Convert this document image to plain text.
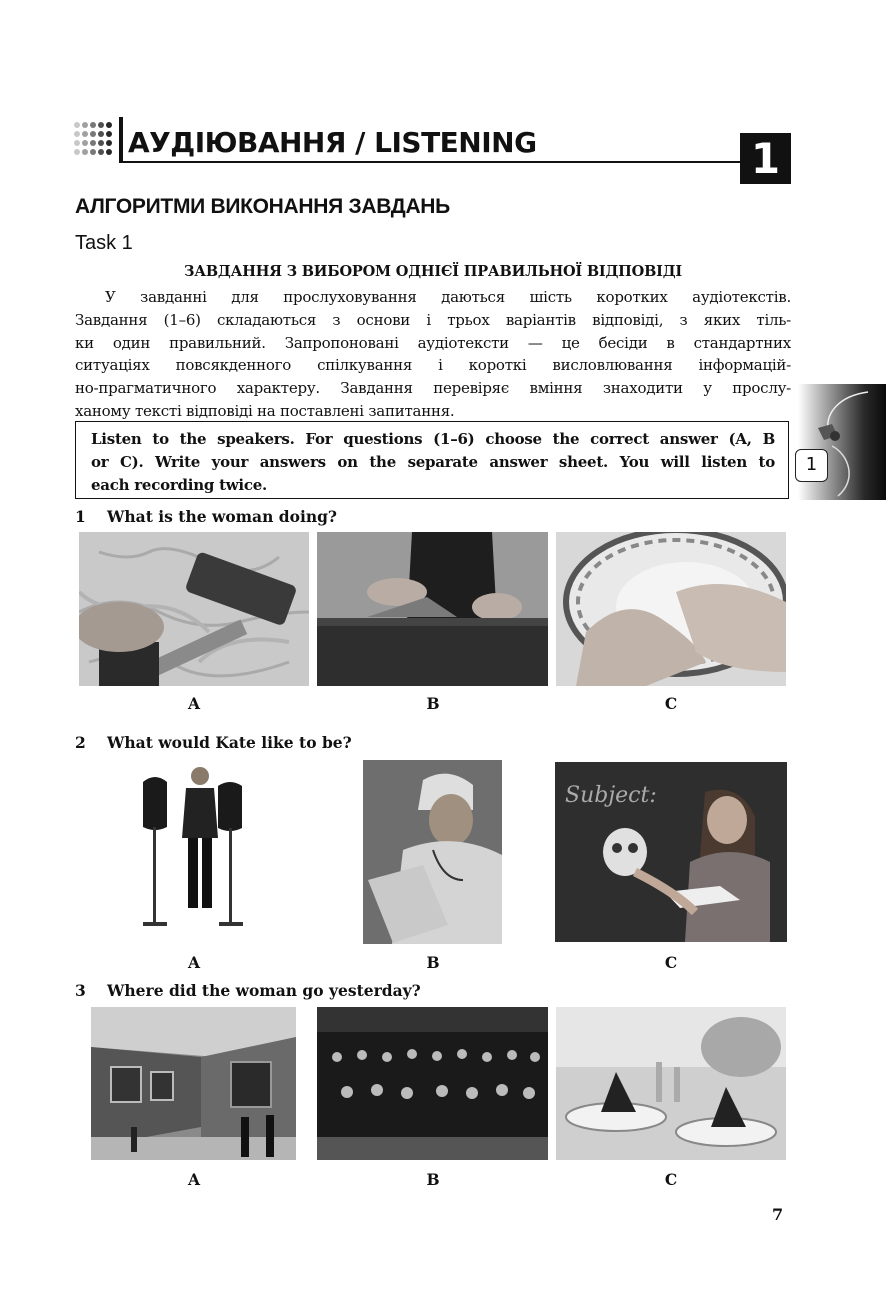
АУДІЮВАННЯ / LISTENING	1
АЛГОРИТМИ ВИКОНАННЯ ЗАВДАНЬ
Task 1
ЗАВДАННЯ З ВИБОРОМ ОДНІЄЇ ПРАВИЛЬНОЇ ВІДПОВІДІ
У завданні для прослуховування даються шість коротких аудіотекстів.
Завдання (1–6) складаються з основи і трьох варіантів відповіді, з яких тіль-
ки один правильний. Запропоновані аудіотексти — це бесіди в стандартних
ситуаціях повсякденного спілкування і короткі висловлювання інформацій-
но-прагматичного характеру. Завдання перевіряє вміння знаходити у прослу-
ханому тексті відповіді на поставлені запитання.
Listen to the speakers. For questions (1–6) choose the correct answer (A, B
or C). Write your answers on the separate answer sheet. You will listen to
each recording twice.
1
1 What is the woman doing?
A	B	C
2 What would Kate like to be?
Subject:
A	B	C
3 Where did the woman go yesterday?
A	B	C
7
